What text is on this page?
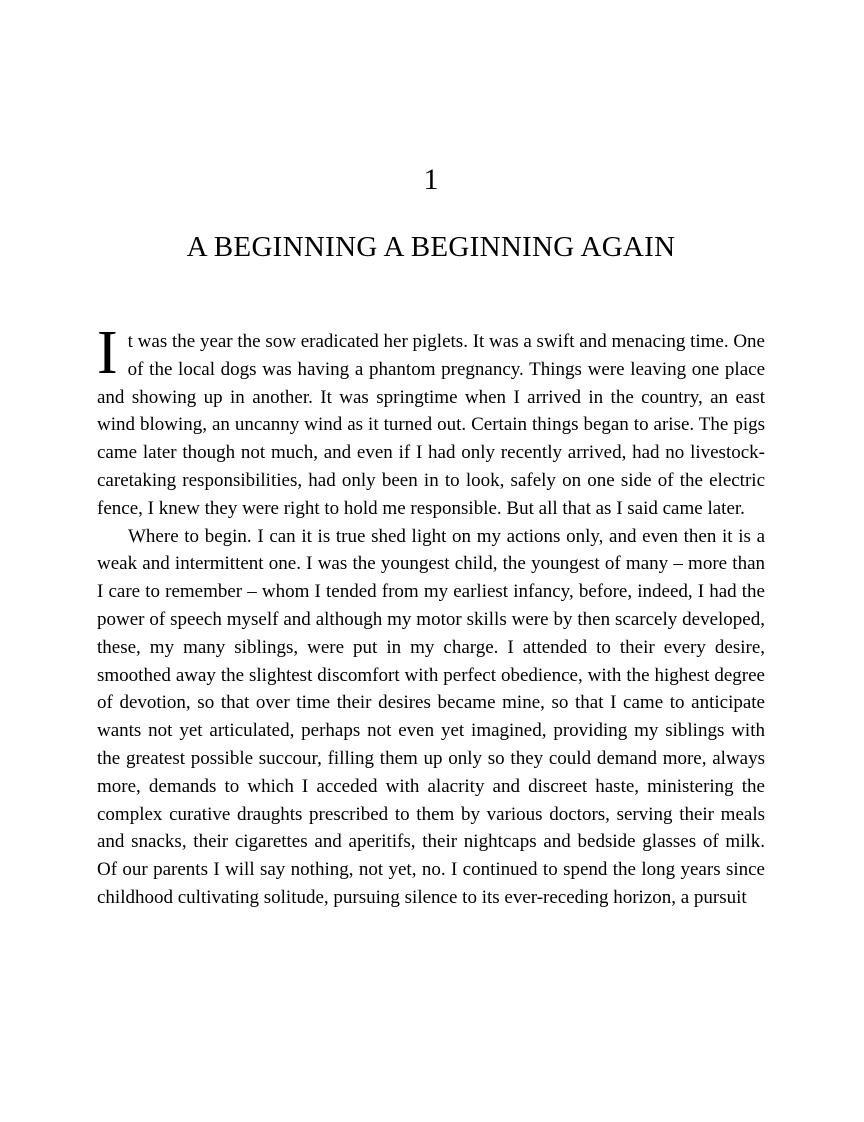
1
A BEGINNING A BEGINNING AGAIN

It was the year the sow eradicated her piglets. It was a swift and menacing time. One of the local dogs was having a phantom pregnancy. Things were leaving one place and showing up in another. It was springtime when I arrived in the country, an east wind blowing, an uncanny wind as it turned out. Certain things began to arise. The pigs came later though not much, and even if I had only recently arrived, had no livestock-caretaking responsibilities, had only been in to look, safely on one side of the electric fence, I knew they were right to hold me responsible. But all that as I said came later.

Where to begin. I can it is true shed light on my actions only, and even then it is a weak and intermittent one. I was the youngest child, the youngest of many – more than I care to remember – whom I tended from my earliest infancy, before, indeed, I had the power of speech myself and although my motor skills were by then scarcely developed, these, my many siblings, were put in my charge. I attended to their every desire, smoothed away the slightest discomfort with perfect obedience, with the highest degree of devotion, so that over time their desires became mine, so that I came to anticipate wants not yet articulated, perhaps not even yet imagined, providing my siblings with the greatest possible succour, filling them up only so they could demand more, always more, demands to which I acceded with alacrity and discreet haste, ministering the complex curative draughts prescribed to them by various doctors, serving their meals and snacks, their cigarettes and aperitifs, their nightcaps and bedside glasses of milk. Of our parents I will say nothing, not yet, no. I continued to spend the long years since childhood cultivating solitude, pursuing silence to its ever-receding horizon, a pursuit
